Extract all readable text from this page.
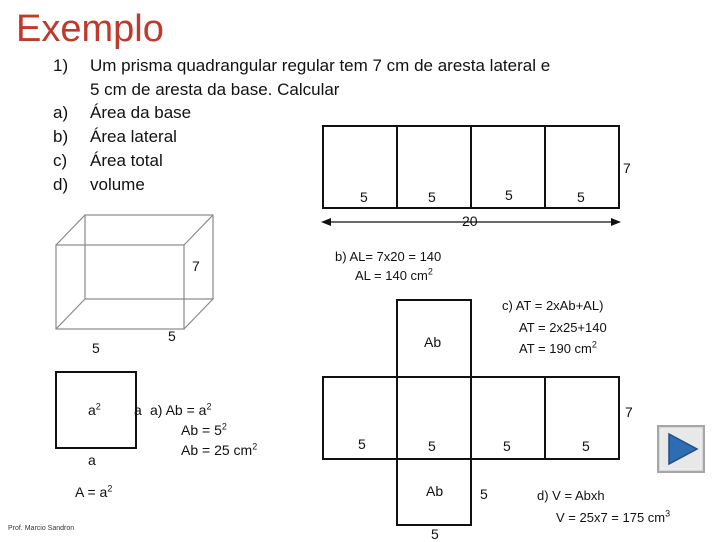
Exemplo
1) Um prisma quadrangular regular tem 7 cm de aresta lateral e
5 cm de aresta da base. Calcular
a) Área da base
b) Área lateral
c) Área total
d) volume
7
5	5	5	5
20
7
5
5
$a^2$
a
$A = a^2$
a a) $Ab = a^2$
$Ab = 5^2$
Ab = 25 $cm^2$
b) AL= 7x20 = 140
AL = 140 $cm^2$
c) AT = 2xAb+AL)
AT = 2x25+140
AT = 190 $cm^2$
Ab
7
5	5	5	5
Ab	5
5
d) V = Abxh
V = 25x7 = 175 $cm^3$
Prof. Marcio Sandron
